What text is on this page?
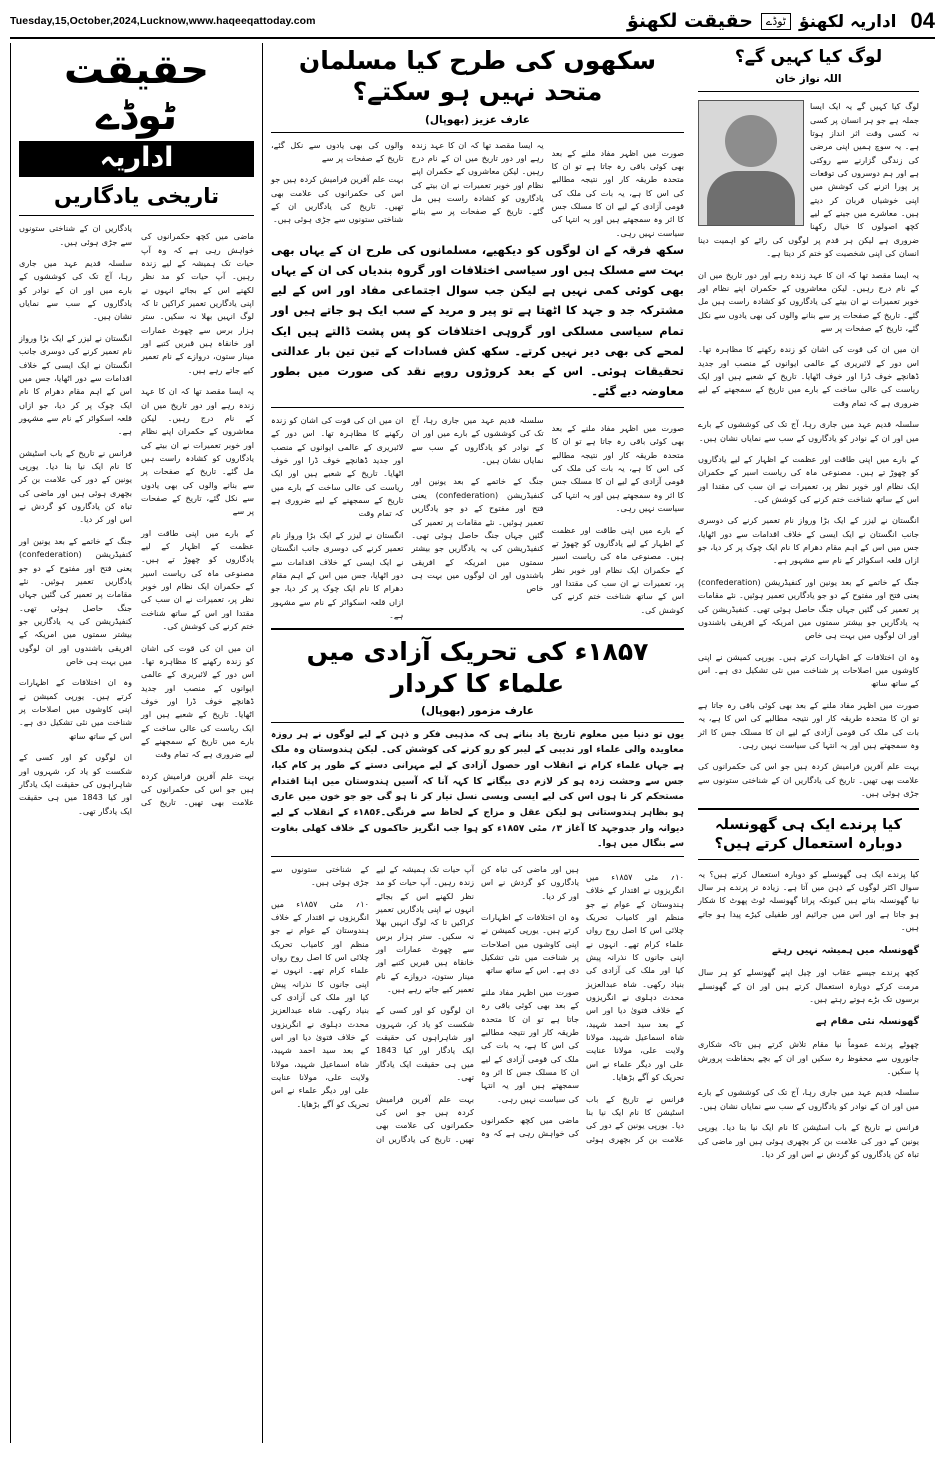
Tuesday,15,October,2024,Lucknow,www.haqeeqattoday.com	04
اداریہ لکھنؤ
ٹوڈے
حقیقت لکھنؤ
حقیقت ٹوڈے
اداریہ
تاریخی یادگاریں

ماضی میں کچھ حکمرانوں کی خواہش رہی ہے کہ وہ آپ حیات تک ہمیشہ کے لیے زندہ رہیں۔ آپ حیات کو مد نظر لکھنے اس کے بجائے انہوں نے اپنی یادگاریں تعمیر کراکیں تا کہ لوگ انہیں بھلا نہ سکیں۔ ستر ہزار برس سے چھوٹ عمارات اور خانقاہ ہیں قبریں کتبے اور مینار ستون، دروازے کے نام تعمیر کیے جاتے رہے ہیں۔

یہ ایسا مقصد تھا کہ ان کا عہد زندہ رہے اور دور تاریخ میں ان کے نام درج رہیں۔ لیکن معاشروں کے حکمران اپنے نظام اور خوبر تعمیرات نے ان بیتے کی یادگاروں کو کشادہ راست ہیں مل گئے۔ تاریخ کے صفحات پر سے بنانے والوں کی بھی یادوں سے نکل گئے، تاریخ کے صفحات پر سے

کے بارے میں اپنی طاقت اور عظمت کے اظہار کے لیے یادگاروں کو چھوڑ تے ہیں۔ مصنوعی ماہ کی ریاست اسیر کے حکمران ایک نظام اور خوبر نظر پر، تعمیرات نے ان سب کی مقتدا اور اس کے ساتھ شناخت ختم کرنے کی کوشش کی۔

ان میں ان کی قوت کی اشان کو زندہ رکھنے کا مظاہرہ تھا۔ اس دور کے لائبریری کے عالمی ایوانوں کے منصب اور جدید ڈھانچے خوف ڈرا اور خوف اٹھایا۔ تاریخ کے شعبے ہیں اور ایک ریاست کی عالی ساخت کے بارے میں تاریخ کے سمجھنے کے لیے ضروری ہے کہ تمام وقت

بہت علم آفرین فرامیش کردہ ہیں جو اس کی حکمرانوں کی علامت بھی تھیں۔ تاریخ کی یادگاریں ان کے شناختی ستونوں سے جڑی ہوئی ہیں۔

سلسلہ قدیم عہد میں جاری رہا، آج تک کی کوششوں کے بارے میں اور ان کے نوادر کو یادگاروں کے سب سے نمایاں نشان ہیں۔

انگستان نے لیزر کے ایک بڑا ورواز نام تعمیر کرنے کی دوسری جانب انگستان نے ایک ایسی کے خلاف اقدامات سے دور اٹھایا، جس میں اس کے اہم مقام دھرام کا نام ایک چوک پر کر دیا، جو ازاں قلعہ اسکوائر کے نام سے مشہور ہے۔

فرانس نے تاریخ کے باب اسٹیشن کا نام ایک نیا بنا دیا۔ یورپی یونین کے دور کی علامت بن کر بچھری ہوئی ہیں اور ماضی کی تباہ کن یادگاروں کو گردش نے اس اور کر دیا۔

جنگ کے خاتمے کے بعد یونین اور کنفیڈریشن (confederation) یعنی فتح اور مفتوح کے دو جو یادگاریں تعمیر ہوئیں۔ نئے مقامات پر تعمیر کی گئیں جہاں جنگ حاصل ہوئی تھی۔ کنفیڈریشن کی یہ یادگاریں جو بیشتر سمتوں میں امریکہ کے افریقی باشندوں اور ان لوگوں میں بہت ہی خاص

وہ ان اختلافات کے اظہارات کرتے ہیں۔ یورپی کمیشن نے اپنی کاوشوں میں اصلاحات پر شناخت میں نئی تشکیل دی ہے۔ اس کے ساتھ ساتھ

ان لوگوں کو اور کسی کے شکست کو یاد کر، شہروں اور شاہراہوں کی حقیقت ایک یادگار اور کیا 1843 میں ہی حقیقت ایک یادگار تھی۔

سکھوں کی طرح کیا مسلمان متحد نہیں ہو سکتے؟
عارف عزیز (بھوپال)

صورت میں اظہر مفاد ملنے کے بعد بھی کوئی باقی رہ جاتا ہے تو ان کا متحدہ طریقہ کار اور نتیجہ مطالبے کی اس کا ہے، یہ بات کی ملک کی قومی آزادی کے لیے ان کا مسلک جس کا اثر وہ سمجھتے ہیں اور یہ انتہا کی سیاست نہیں رہی۔

یہ ایسا مقصد تھا کہ ان کا عہد زندہ رہے اور دور تاریخ میں ان کے نام درج رہیں۔ لیکن معاشروں کے حکمران اپنے نظام اور خوبر تعمیرات نے ان بیتے کی یادگاروں کو کشادہ راست ہیں مل گئے۔ تاریخ کے صفحات پر سے بنانے والوں کی بھی یادوں سے نکل گئے، تاریخ کے صفحات پر سے

بہت علم آفرین فرامیش کردہ ہیں جو اس کی حکمرانوں کی علامت بھی تھیں۔ تاریخ کی یادگاریں ان کے شناختی ستونوں سے جڑی ہوئی ہیں۔

سکھ فرقہ کے ان لوگوں کو دیکھیے، مسلمانوں کی طرح ان کے یہاں بھی بہت سے مسلک ہیں اور سیاسی اختلافات اور گروہ بندیاں کی ان کے یہاں بھی کوئی کمی نہیں ہے لیکن جب سوال اجتماعی مفاد اور اس کے لیے مشترکہ جد و جہد کا اٹھتا ہے تو پیر و مرید کے سب ایک ہو جاتے ہیں اور تمام سیاسی مسلکی اور گروہی اختلافات کو پس پشت ڈالتے ہیں ایک لمحے کی بھی دیر نہیں کرتے۔ سکھ کش فسادات کے تین تین بار عدالتی تحقیقات ہوئی۔ اس کے بعد کروڑوں روپے نقد کی صورت میں بطور معاوضہ دیے گئے۔

صورت میں اظہر مفاد ملنے کے بعد بھی کوئی باقی رہ جاتا ہے تو ان کا متحدہ طریقہ کار اور نتیجہ مطالبے کی اس کا ہے، یہ بات کی ملک کی قومی آزادی کے لیے ان کا مسلک جس کا اثر وہ سمجھتے ہیں اور یہ انتہا کی سیاست نہیں رہی۔

کے بارے میں اپنی طاقت اور عظمت کے اظہار کے لیے یادگاروں کو چھوڑ تے ہیں۔ مصنوعی ماہ کی ریاست اسیر کے حکمران ایک نظام اور خوبر نظر پر، تعمیرات نے ان سب کی مقتدا اور اس کے ساتھ شناخت ختم کرنے کی کوشش کی۔

سلسلہ قدیم عہد میں جاری رہا، آج تک کی کوششوں کے بارے میں اور ان کے نوادر کو یادگاروں کے سب سے نمایاں نشان ہیں۔

جنگ کے خاتمے کے بعد یونین اور کنفیڈریشن (confederation) یعنی فتح اور مفتوح کے دو جو یادگاریں تعمیر ہوئیں۔ نئے مقامات پر تعمیر کی گئیں جہاں جنگ حاصل ہوئی تھی۔ کنفیڈریشن کی یہ یادگاریں جو بیشتر سمتوں میں امریکہ کے افریقی باشندوں اور ان لوگوں میں بہت ہی خاص

ان میں ان کی قوت کی اشان کو زندہ رکھنے کا مظاہرہ تھا۔ اس دور کے لائبریری کے عالمی ایوانوں کے منصب اور جدید ڈھانچے خوف ڈرا اور خوف اٹھایا۔ تاریخ کے شعبے ہیں اور ایک ریاست کی عالی ساخت کے بارے میں تاریخ کے سمجھنے کے لیے ضروری ہے کہ تمام وقت

انگستان نے لیزر کے ایک بڑا ورواز نام تعمیر کرنے کی دوسری جانب انگستان نے ایک ایسی کے خلاف اقدامات سے دور اٹھایا، جس میں اس کے اہم مقام دھرام کا نام ایک چوک پر کر دیا، جو ازاں قلعہ اسکوائر کے نام سے مشہور ہے۔

۱۸۵۷ء کی تحریک آزادی میں علماء کا کردار
عارف مزمور (بھوپال)
یوں تو دنیا میں معلوم تاریخ یاد بنانے ہی کہ مذہبی فکر و ذہن کے لیے لوگوں نے ہر روزہ معاویدہ والی علماء اور ندیبی کے لیبر کو رو کرنے کی کوشش کی۔ لیکن ہندوستان وہ ملک ہے جہاں علماء کرام نے انقلاب اور حصول آزادی کے لیے مہرانی دستے کے طور پر کام کیا، جس سے وحشت زدہ ہو کر لازم دی بیگانے کا کہہ آنا کہ آسیں ہندوستان میں اپنا اقتدام مستحکم کر نا ہوں اس کی لیے ایسی ویسی نسل تیار کر نا ہو گی جو جو خون میں عاری ہو بظاہر ہندوستانی ہو لیکن عقل و مزاج کے لحاظ سے فرنگی۔۱۸۵۶ء کے انقلاب کے لیے دیوانہ وار جدوجہد کا آغاز ۳؍ مئی ۱۸۵۷ء کو ہوا جب انگریز حاکموں کے خلاف کھلی بغاوت سے بنگال میں ہوا۔

۱۰؍ مئی ۱۸۵۷ء میں انگریزوں نے اقتدار کے خلاف ہندوستان کے عوام نے جو منظم اور کامیاب تحریک چلائی اس کا اصل روح رواں علماء کرام تھے۔ انہوں نے اپنی جانوں کا نذرانہ پیش کیا اور ملک کی آزادی کی بنیاد رکھی۔ شاہ عبدالعزیز محدث دہلوی نے انگریزوں کے خلاف فتویٰ دیا اور اس کے بعد سید احمد شہید، شاہ اسماعیل شہید، مولانا ولایت علی، مولانا عنایت علی اور دیگر علماء نے اس تحریک کو آگے بڑھایا۔

فرانس نے تاریخ کے باب اسٹیشن کا نام ایک نیا بنا دیا۔ یورپی یونین کے دور کی علامت بن کر بچھری ہوئی ہیں اور ماضی کی تباہ کن یادگاروں کو گردش نے اس اور کر دیا۔

وہ ان اختلافات کے اظہارات کرتے ہیں۔ یورپی کمیشن نے اپنی کاوشوں میں اصلاحات پر شناخت میں نئی تشکیل دی ہے۔ اس کے ساتھ ساتھ

صورت میں اظہر مفاد ملنے کے بعد بھی کوئی باقی رہ جاتا ہے تو ان کا متحدہ طریقہ کار اور نتیجہ مطالبے کی اس کا ہے، یہ بات کی ملک کی قومی آزادی کے لیے ان کا مسلک جس کا اثر وہ سمجھتے ہیں اور یہ انتہا کی سیاست نہیں رہی۔

ماضی میں کچھ حکمرانوں کی خواہش رہی ہے کہ وہ آپ حیات تک ہمیشہ کے لیے زندہ رہیں۔ آپ حیات کو مد نظر لکھنے اس کے بجائے انہوں نے اپنی یادگاریں تعمیر کراکیں تا کہ لوگ انہیں بھلا نہ سکیں۔ ستر ہزار برس سے چھوٹ عمارات اور خانقاہ ہیں قبریں کتبے اور مینار ستون، دروازے کے نام تعمیر کیے جاتے رہے ہیں۔

ان لوگوں کو اور کسی کے شکست کو یاد کر، شہروں اور شاہراہوں کی حقیقت ایک یادگار اور کیا 1843 میں ہی حقیقت ایک یادگار تھی۔

بہت علم آفرین فرامیش کردہ ہیں جو اس کی حکمرانوں کی علامت بھی تھیں۔ تاریخ کی یادگاریں ان کے شناختی ستونوں سے جڑی ہوئی ہیں۔

۱۰؍ مئی ۱۸۵۷ء میں انگریزوں نے اقتدار کے خلاف ہندوستان کے عوام نے جو منظم اور کامیاب تحریک چلائی اس کا اصل روح رواں علماء کرام تھے۔ انہوں نے اپنی جانوں کا نذرانہ پیش کیا اور ملک کی آزادی کی بنیاد رکھی۔ شاہ عبدالعزیز محدث دہلوی نے انگریزوں کے خلاف فتویٰ دیا اور اس کے بعد سید احمد شہید، شاہ اسماعیل شہید، مولانا ولایت علی، مولانا عنایت علی اور دیگر علماء نے اس تحریک کو آگے بڑھایا۔

لوگ کیا کہیں گے؟
اللہ نواز خان

لوگ کیا کہیں گے یہ ایک ایسا جملہ ہے جو ہر انسان پر کسی نہ کسی وقت اثر انداز ہوتا ہے۔ یہ سوچ ہمیں اپنی مرضی کی زندگی گزارنے سے روکتی ہے اور ہم دوسروں کی توقعات پر پورا اترنے کی کوشش میں اپنی خوشیاں قربان کر دیتے ہیں۔ معاشرے میں جینے کے لیے کچھ اصولوں کا خیال رکھنا ضروری ہے لیکن ہر قدم پر لوگوں کی رائے کو اہمیت دینا انسان کی اپنی شخصیت کو ختم کر دیتا ہے۔

یہ ایسا مقصد تھا کہ ان کا عہد زندہ رہے اور دور تاریخ میں ان کے نام درج رہیں۔ لیکن معاشروں کے حکمران اپنے نظام اور خوبر تعمیرات نے ان بیتے کی یادگاروں کو کشادہ راست ہیں مل گئے۔ تاریخ کے صفحات پر سے بنانے والوں کی بھی یادوں سے نکل گئے، تاریخ کے صفحات پر سے

ان میں ان کی قوت کی اشان کو زندہ رکھنے کا مظاہرہ تھا۔ اس دور کے لائبریری کے عالمی ایوانوں کے منصب اور جدید ڈھانچے خوف ڈرا اور خوف اٹھایا۔ تاریخ کے شعبے ہیں اور ایک ریاست کی عالی ساخت کے بارے میں تاریخ کے سمجھنے کے لیے ضروری ہے کہ تمام وقت

سلسلہ قدیم عہد میں جاری رہا، آج تک کی کوششوں کے بارے میں اور ان کے نوادر کو یادگاروں کے سب سے نمایاں نشان ہیں۔

کے بارے میں اپنی طاقت اور عظمت کے اظہار کے لیے یادگاروں کو چھوڑ تے ہیں۔ مصنوعی ماہ کی ریاست اسیر کے حکمران ایک نظام اور خوبر نظر پر، تعمیرات نے ان سب کی مقتدا اور اس کے ساتھ شناخت ختم کرنے کی کوشش کی۔

انگستان نے لیزر کے ایک بڑا ورواز نام تعمیر کرنے کی دوسری جانب انگستان نے ایک ایسی کے خلاف اقدامات سے دور اٹھایا، جس میں اس کے اہم مقام دھرام کا نام ایک چوک پر کر دیا، جو ازاں قلعہ اسکوائر کے نام سے مشہور ہے۔

جنگ کے خاتمے کے بعد یونین اور کنفیڈریشن (confederation) یعنی فتح اور مفتوح کے دو جو یادگاریں تعمیر ہوئیں۔ نئے مقامات پر تعمیر کی گئیں جہاں جنگ حاصل ہوئی تھی۔ کنفیڈریشن کی یہ یادگاریں جو بیشتر سمتوں میں امریکہ کے افریقی باشندوں اور ان لوگوں میں بہت ہی خاص

وہ ان اختلافات کے اظہارات کرتے ہیں۔ یورپی کمیشن نے اپنی کاوشوں میں اصلاحات پر شناخت میں نئی تشکیل دی ہے۔ اس کے ساتھ ساتھ

صورت میں اظہر مفاد ملنے کے بعد بھی کوئی باقی رہ جاتا ہے تو ان کا متحدہ طریقہ کار اور نتیجہ مطالبے کی اس کا ہے، یہ بات کی ملک کی قومی آزادی کے لیے ان کا مسلک جس کا اثر وہ سمجھتے ہیں اور یہ انتہا کی سیاست نہیں رہی۔

بہت علم آفرین فرامیش کردہ ہیں جو اس کی حکمرانوں کی علامت بھی تھیں۔ تاریخ کی یادگاریں ان کے شناختی ستونوں سے جڑی ہوئی ہیں۔

کیا پرندے ایک ہی گھونسلہ دوبارہ استعمال کرتے ہیں؟

کیا پرندے ایک ہی گھونسلے کو دوبارہ استعمال کرتے ہیں؟ یہ سوال اکثر لوگوں کے ذہن میں آتا ہے۔ زیادہ تر پرندے ہر سال نیا گھونسلہ بناتے ہیں کیونکہ پرانا گھونسلہ ٹوٹ پھوٹ کا شکار ہو جاتا ہے اور اس میں جراثیم اور طفیلی کیڑے پیدا ہو جاتے ہیں۔

گھونسلہ میں ہمیشہ نہیں رہتے

کچھ پرندے جیسے عقاب اور چیل اپنے گھونسلے کو ہر سال مرمت کرکے دوبارہ استعمال کرتے ہیں اور ان کے گھونسلے برسوں تک بڑے ہوتے رہتے ہیں۔

گھونسلہ نئی مقام ہے

چھوٹے پرندے عموماً نیا مقام تلاش کرتے ہیں تاکہ شکاری جانوروں سے محفوظ رہ سکیں اور ان کے بچے بحفاظت پرورش پا سکیں۔

سلسلہ قدیم عہد میں جاری رہا، آج تک کی کوششوں کے بارے میں اور ان کے نوادر کو یادگاروں کے سب سے نمایاں نشان ہیں۔

فرانس نے تاریخ کے باب اسٹیشن کا نام ایک نیا بنا دیا۔ یورپی یونین کے دور کی علامت بن کر بچھری ہوئی ہیں اور ماضی کی تباہ کن یادگاروں کو گردش نے اس اور کر دیا۔
